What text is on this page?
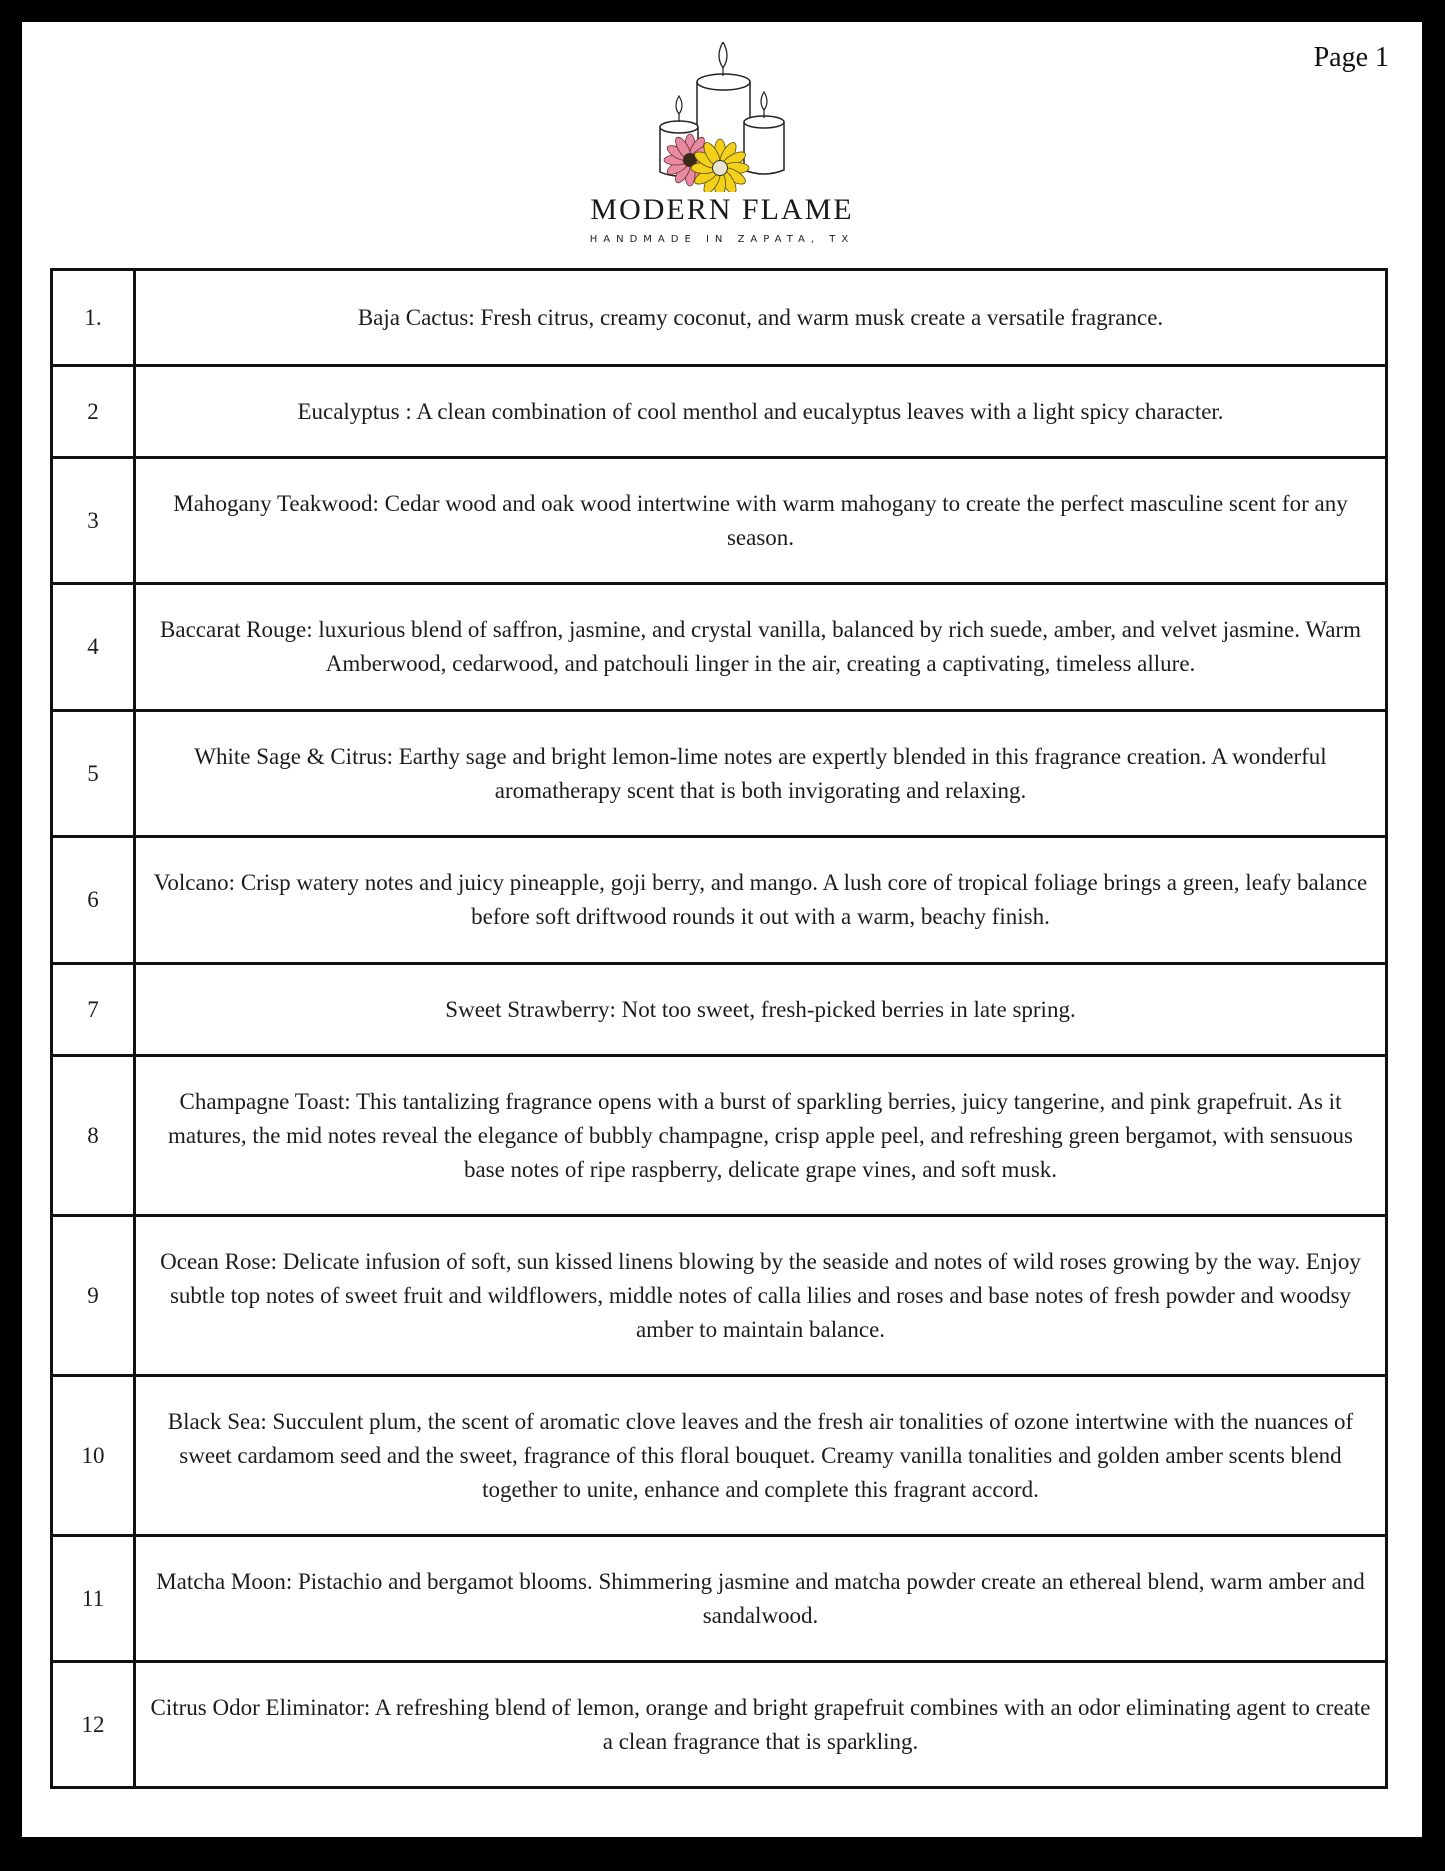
Page 1
MODERN FLAME
HANDMADE IN ZAPATA, TX
1.	Baja Cactus: Fresh citrus, creamy coconut, and warm musk create a versatile fragrance.
2	Eucalyptus : A clean combination of cool menthol and eucalyptus leaves with a light spicy character.
3	Mahogany Teakwood: Cedar wood and oak wood intertwine with warm mahogany to create the perfect masculine scent for any season.
4	Baccarat Rouge: luxurious blend of saffron, jasmine, and crystal vanilla, balanced by rich suede, amber, and velvet jasmine. Warm Amberwood, cedarwood, and patchouli linger in the air, creating a captivating, timeless allure.
5	White Sage & Citrus: Earthy sage and bright lemon-lime notes are expertly blended in this fragrance creation. A wonderful aromatherapy scent that is both invigorating and relaxing.
6	Volcano: Crisp watery notes and juicy pineapple, goji berry, and mango. A lush core of tropical foliage brings a green, leafy balance before soft driftwood rounds it out with a warm, beachy finish.
7	Sweet Strawberry: Not too sweet, fresh-picked berries in late spring.
8	Champagne Toast: This tantalizing fragrance opens with a burst of sparkling berries, juicy tangerine, and pink grapefruit. As it matures, the mid notes reveal the elegance of bubbly champagne, crisp apple peel, and refreshing green bergamot, with sensuous base notes of ripe raspberry, delicate grape vines, and soft musk.
9	Ocean Rose: Delicate infusion of soft, sun kissed linens blowing by the seaside and notes of wild roses growing by the way. Enjoy subtle top notes of sweet fruit and wildflowers, middle notes of calla lilies and roses and base notes of fresh powder and woodsy amber to maintain balance.
10	Black Sea: Succulent plum, the scent of aromatic clove leaves and the fresh air tonalities of ozone intertwine with the nuances of sweet cardamom seed and the sweet, fragrance of this floral bouquet. Creamy vanilla tonalities and golden amber scents blend together to unite, enhance and complete this fragrant accord.
11	Matcha Moon: Pistachio and bergamot blooms. Shimmering jasmine and matcha powder create an ethereal blend, warm amber and sandalwood.
12	Citrus Odor Eliminator: A refreshing blend of lemon, orange and bright grapefruit combines with an odor eliminating agent to create a clean fragrance that is sparkling.
